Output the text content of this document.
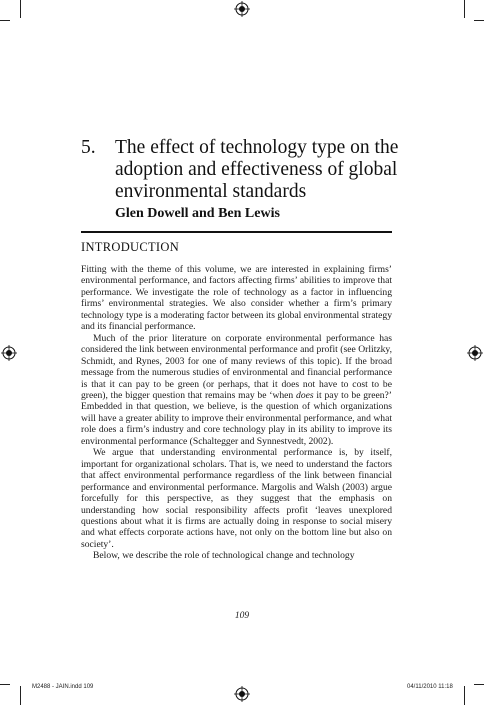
5. The effect of technology type on the adoption and effectiveness of global environmental standards
Glen Dowell and Ben Lewis
INTRODUCTION

Fitting with the theme of this volume, we are interested in explaining firms’ environmental performance, and factors affecting firms’ abilities to improve that performance. We investigate the role of technology as a factor in influencing firms’ environmental strategies. We also consider whether a firm’s primary technology type is a moderating factor between its global environmental strategy and its financial performance.

Much of the prior literature on corporate environmental performance has considered the link between environmental performance and profit (see Orlitzky, Schmidt, and Rynes, 2003 for one of many reviews of this topic). If the broad message from the numerous studies of environmental and financial performance is that it can pay to be green (or perhaps, that it does not have to cost to be green), the bigger question that remains may be ‘when does it pay to be green?’ Embedded in that question, we believe, is the question of which organizations will have a greater ability to improve their environmental performance, and what role does a firm’s industry and core technology play in its ability to improve its environmental performance (Schaltegger and Synnestvedt, 2002).

We argue that understanding environmental performance is, by itself, important for organizational scholars. That is, we need to understand the factors that affect environmental performance regardless of the link between financial performance and environmental performance. Margolis and Walsh (2003) argue forcefully for this perspective, as they suggest that the emphasis on understanding how social responsibility affects profit ‘leaves unexplored questions about what it is firms are actually doing in response to social misery and what effects corporate actions have, not only on the bottom line but also on society’.

Below, we describe the role of technological change and technology

109
M2488 - JAIN.indd 109	04/11/2010 11:18
